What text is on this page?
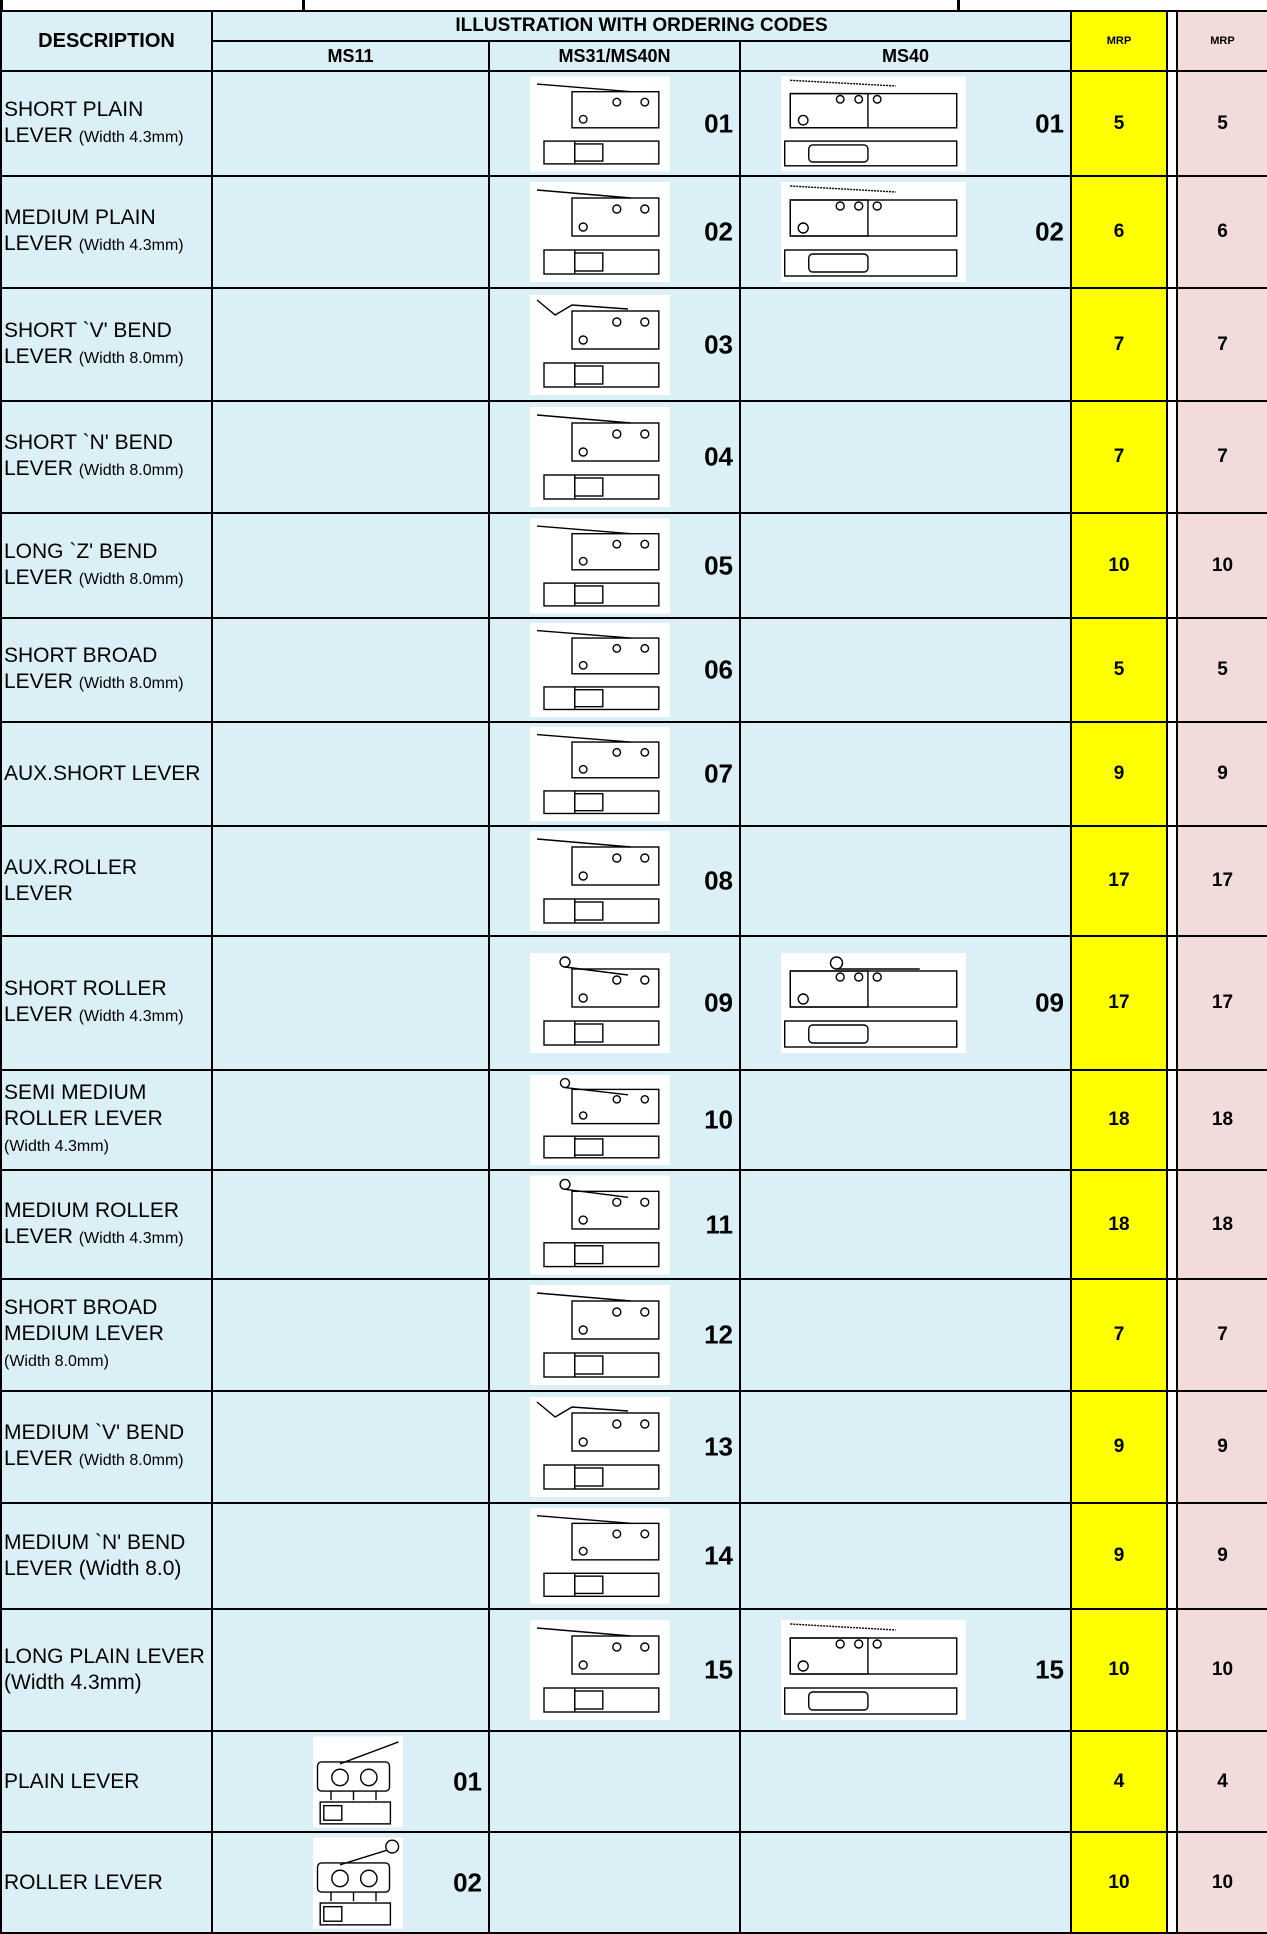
DESCRIPTION	ILLUSTRATION WITH ORDERING CODES			MRP		MRP
	MS11	MS31/MS40N	MS40			
SHORT PLAIN LEVER (Width 4.3mm)		01	01	5		5
MEDIUM PLAIN LEVER (Width 4.3mm)		02	02	6		6
SHORT `V' BEND LEVER (Width 8.0mm)		03		7		7
SHORT `N' BEND LEVER (Width 8.0mm)		04		7		7
LONG `Z' BEND LEVER (Width 8.0mm)		05		10		10
SHORT BROAD LEVER (Width 8.0mm)		06		5		5
AUX.SHORT LEVER		07		9		9
AUX.ROLLER LEVER		08		17		17
SHORT ROLLER LEVER (Width 4.3mm)		09	09	17		17
SEMI MEDIUM ROLLER LEVER (Width 4.3mm)		10		18		18
MEDIUM ROLLER LEVER (Width 4.3mm)		11		18		18
SHORT BROAD MEDIUM LEVER (Width 8.0mm)		12		7		7
MEDIUM `V' BEND LEVER (Width 8.0mm)		13		9		9
MEDIUM `N' BEND LEVER (Width 8.0)		14		9		9
LONG PLAIN LEVER (Width 4.3mm)		15	15	10		10
PLAIN LEVER	01			4		4
ROLLER LEVER	02			10		10
